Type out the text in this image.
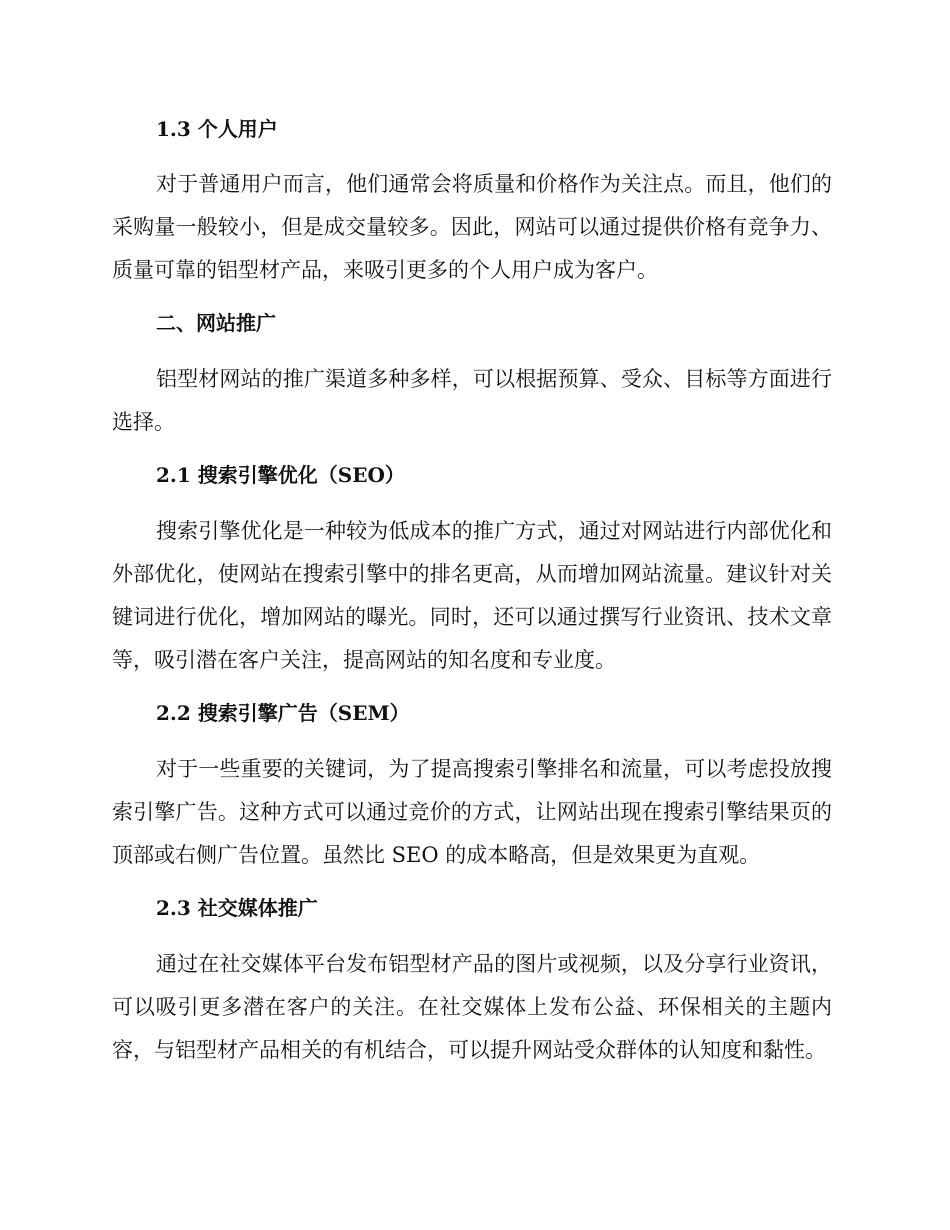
1.3 个人用户

对于普通用户而言，他们通常会将质量和价格作为关注点。而且，他们的采购量一般较小，但是成交量较多。因此，网站可以通过提供价格有竞争力、质量可靠的铝型材产品，来吸引更多的个人用户成为客户。

二、网站推广

铝型材网站的推广渠道多种多样，可以根据预算、受众、目标等方面进行选择。

2.1 搜索引擎优化（SEO）

搜索引擎优化是一种较为低成本的推广方式，通过对网站进行内部优化和外部优化，使网站在搜索引擎中的排名更高，从而增加网站流量。建议针对关键词进行优化，增加网站的曝光。同时，还可以通过撰写行业资讯、技术文章等，吸引潜在客户关注，提高网站的知名度和专业度。

2.2 搜索引擎广告（SEM）

对于一些重要的关键词，为了提高搜索引擎排名和流量，可以考虑投放搜索引擎广告。这种方式可以通过竞价的方式，让网站出现在搜索引擎结果页的顶部或右侧广告位置。虽然比 SEO 的成本略高，但是效果更为直观。

2.3 社交媒体推广

通过在社交媒体平台发布铝型材产品的图片或视频，以及分享行业资讯，可以吸引更多潜在客户的关注。在社交媒体上发布公益、环保相关的主题内容，与铝型材产品相关的有机结合，可以提升网站受众群体的认知度和黏性。
